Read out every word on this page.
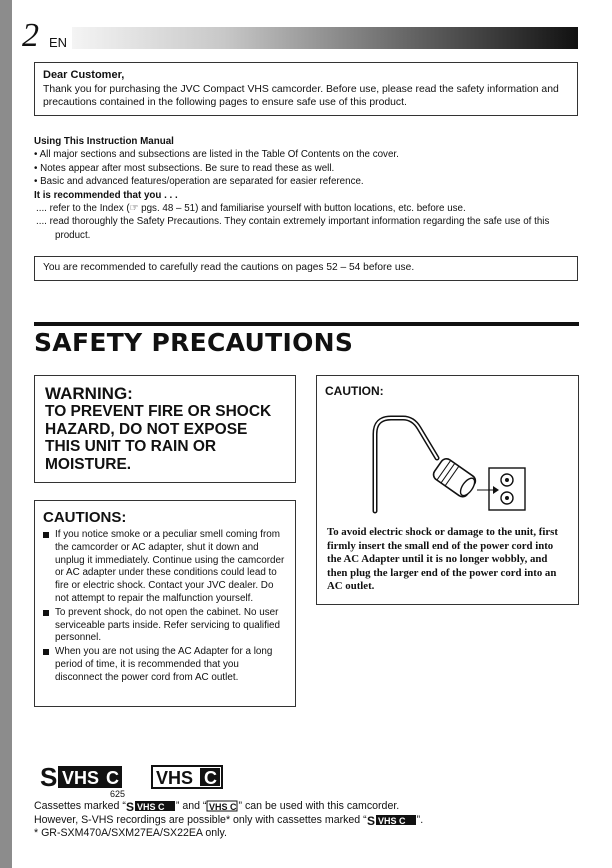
2 EN
Dear Customer,
Thank you for purchasing the JVC Compact VHS camcorder. Before use, please read the safety information and precautions contained in the following pages to ensure safe use of this product.
Using This Instruction Manual
• All major sections and subsections are listed in the Table Of Contents on the cover.
• Notes appear after most subsections. Be sure to read these as well.
• Basic and advanced features/operation are separated for easier reference.
It is recommended that you . . .
.... refer to the Index (☞ pgs. 48 – 51) and familiarise yourself with button locations, etc. before use.
.... read thoroughly the Safety Precautions. They contain extremely important information regarding the safe use of this product.
You are recommended to carefully read the cautions on pages 52 – 54 before use.
SAFETY PRECAUTIONS
WARNING:
TO PREVENT FIRE OR SHOCK HAZARD, DO NOT EXPOSE THIS UNIT TO RAIN OR MOISTURE.
CAUTIONS:
If you notice smoke or a peculiar smell coming from the camcorder or AC adapter, shut it down and unplug it immediately. Continue using the camcorder or AC adapter under these conditions could lead to fire or electric shock. Contact your JVC dealer. Do not attempt to repair the malfunction yourself.
To prevent shock, do not open the cabinet. No user serviceable parts inside. Refer servicing to qualified personnel.
When you are not using the AC Adapter for a long period of time, it is recommended that you disconnect the power cord from AC outlet.
CAUTION:
To avoid electric shock or damage to the unit, first firmly insert the small end of the power cord into the AC Adapter until it is no longer wobbly, and then plug the larger end of the power cord into an AC outlet.
S VHS C
625
VHS C
Cassettes marked “ S VHS C ” and “ VHS C ” can be used with this camcorder.
However, S-VHS recordings are possible* only with cassettes marked “ S VHS C ”.
* GR-SXM470A/SXM27EA/SX22EA only.
